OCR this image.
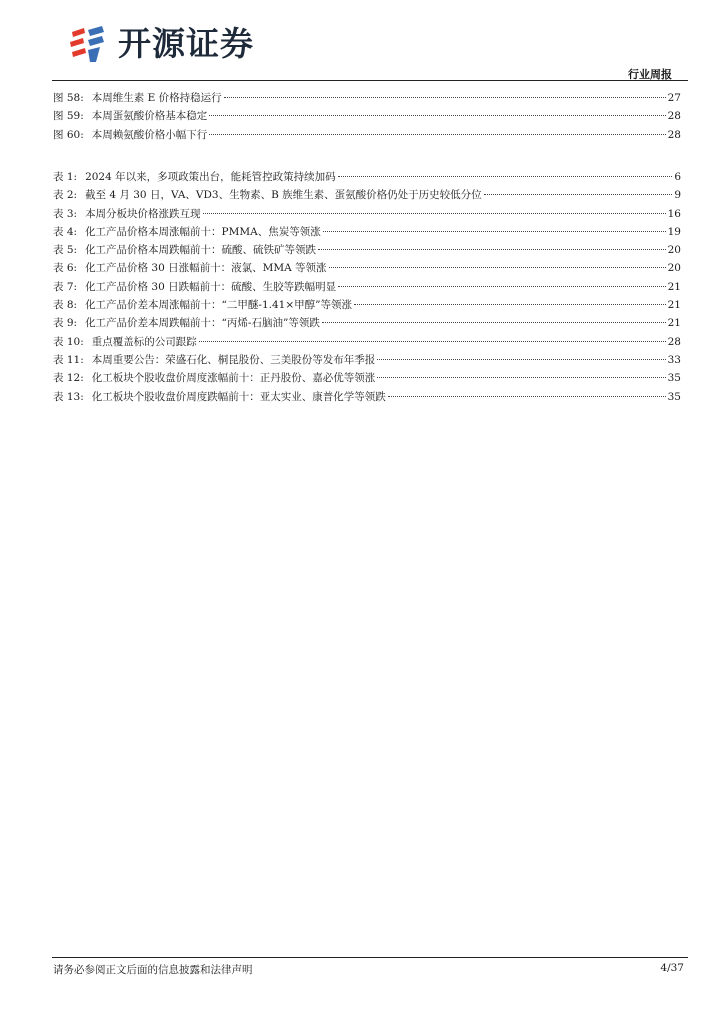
开源证券
行业周报
图 58: 本周维生素 E 价格持稳运行	27
图 59: 本周蛋氨酸价格基本稳定	28
图 60: 本周赖氨酸价格小幅下行	28
表 1: 2024 年以来，多项政策出台，能耗管控政策持续加码	6
表 2: 截至 4 月 30 日，VA、VD3、生物素、B 族维生素、蛋氨酸价格仍处于历史较低分位	9
表 3: 本周分板块价格涨跌互现	16
表 4: 化工产品价格本周涨幅前十：PMMA、焦炭等领涨	19
表 5: 化工产品价格本周跌幅前十：硫酸、硫铁矿等领跌	20
表 6: 化工产品价格 30 日涨幅前十：液氯、MMA 等领涨	20
表 7: 化工产品价格 30 日跌幅前十：硫酸、生胶等跌幅明显	21
表 8: 化工产品价差本周涨幅前十：“二甲醚-1.41×甲醇”等领涨	21
表 9: 化工产品价差本周跌幅前十：“丙烯-石脑油”等领跌	21
表 10: 重点覆盖标的公司跟踪	28
表 11: 本周重要公告：荣盛石化、桐昆股份、三美股份等发布年季报	33
表 12: 化工板块个股收盘价周度涨幅前十：正丹股份、嘉必优等领涨	35
表 13: 化工板块个股收盘价周度跌幅前十：亚太实业、康普化学等领跌	35
请务必参阅正文后面的信息披露和法律声明	4/37
